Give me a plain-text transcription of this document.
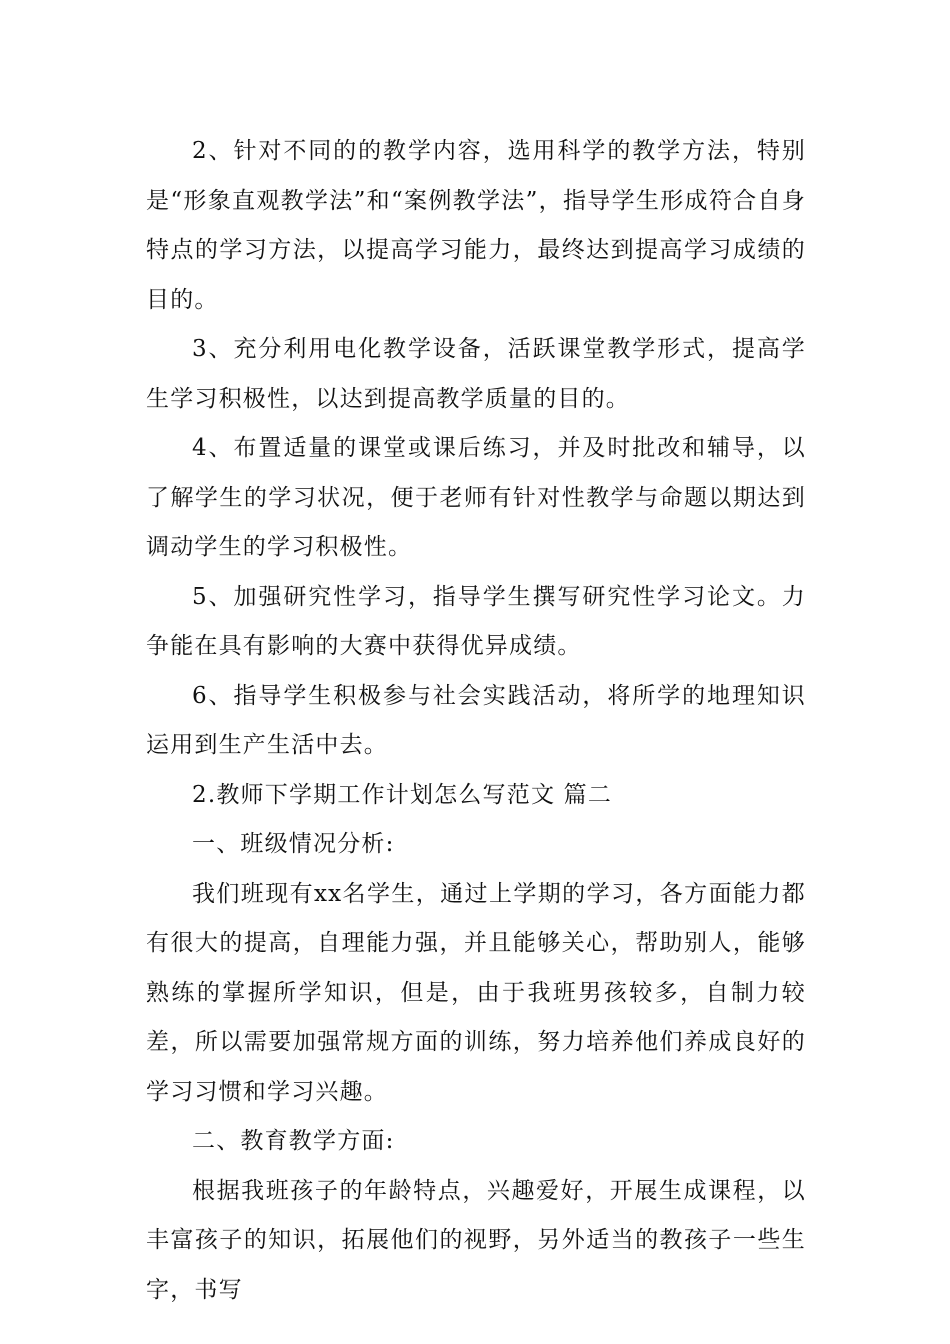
2、针对不同的的教学内容，选用科学的教学方法，特别是“形象直观教学法”和“案例教学法”，指导学生形成符合自身特点的学习方法，以提高学习能力，最终达到提高学习成绩的目的。

3、充分利用电化教学设备，活跃课堂教学形式，提高学生学习积极性，以达到提高教学质量的目的。

4、布置适量的课堂或课后练习，并及时批改和辅导，以了解学生的学习状况，便于老师有针对性教学与命题以期达到调动学生的学习积极性。

5、加强研究性学习，指导学生撰写研究性学习论文。力争能在具有影响的大赛中获得优异成绩。

6、指导学生积极参与社会实践活动，将所学的地理知识运用到生产生活中去。

2.教师下学期工作计划怎么写范文 篇二

一、班级情况分析:

我们班现有xx名学生，通过上学期的学习，各方面能力都有很大的提高，自理能力强，并且能够关心，帮助别人，能够熟练的掌握所学知识，但是，由于我班男孩较多，自制力较差，所以需要加强常规方面的训练，努力培养他们养成良好的学习习惯和学习兴趣。

二、教育教学方面:

根据我班孩子的年龄特点，兴趣爱好，开展生成课程，以丰富孩子的知识，拓展他们的视野，另外适当的教孩子一些生字，书写
